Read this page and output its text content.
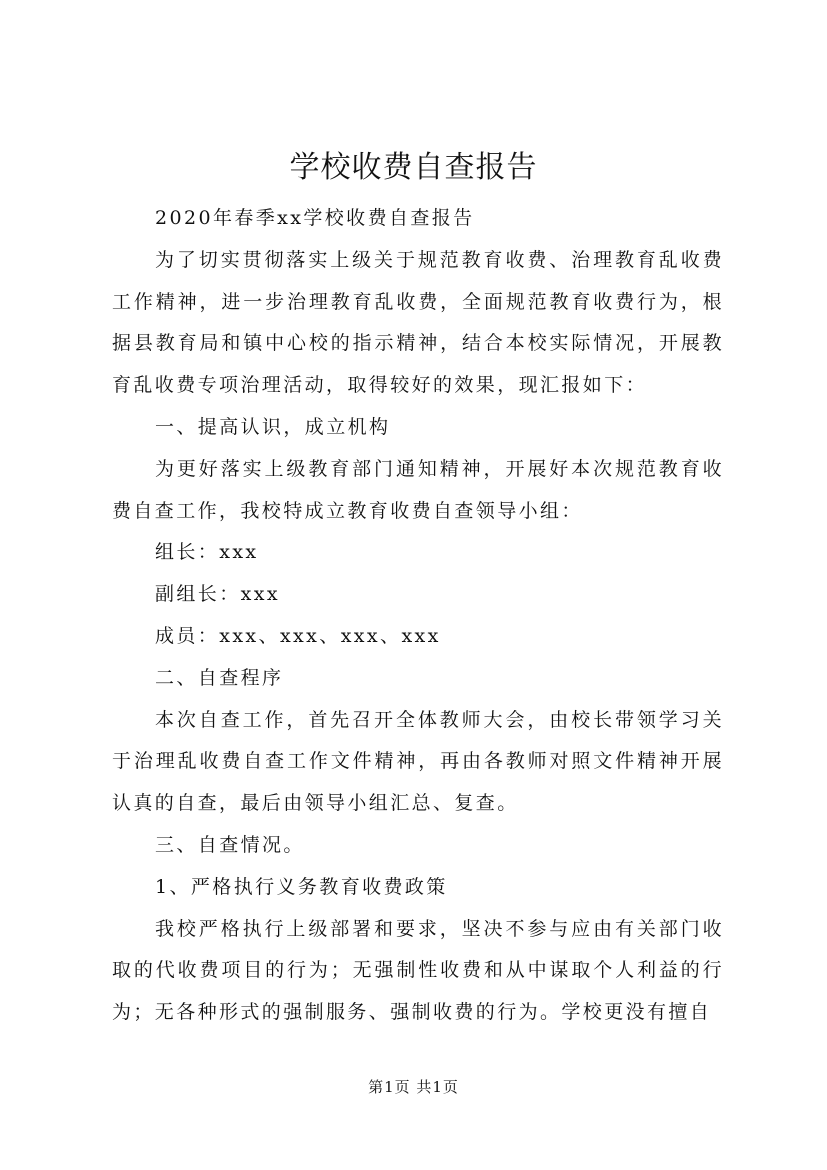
学校收费自查报告

2020年春季xx学校收费自查报告

为了切实贯彻落实上级关于规范教育收费、治理教育乱收费工作精神，进一步治理教育乱收费，全面规范教育收费行为，根据县教育局和镇中心校的指示精神，结合本校实际情况，开展教育乱收费专项治理活动，取得较好的效果，现汇报如下：

一、提高认识，成立机构

为更好落实上级教育部门通知精神，开展好本次规范教育收费自查工作，我校特成立教育收费自查领导小组：

组长：xxx

副组长：xxx

成员：xxx、xxx、xxx、xxx

二、自查程序

本次自查工作，首先召开全体教师大会，由校长带领学习关于治理乱收费自查工作文件精神，再由各教师对照文件精神开展认真的自查，最后由领导小组汇总、复查。

三、自查情况。

1、严格执行义务教育收费政策

我校严格执行上级部署和要求，坚决不参与应由有关部门收取的代收费项目的行为；无强制性收费和从中谋取个人利益的行为；无各种形式的强制服务、强制收费的行为。学校更没有擅自

第1页 共1页
